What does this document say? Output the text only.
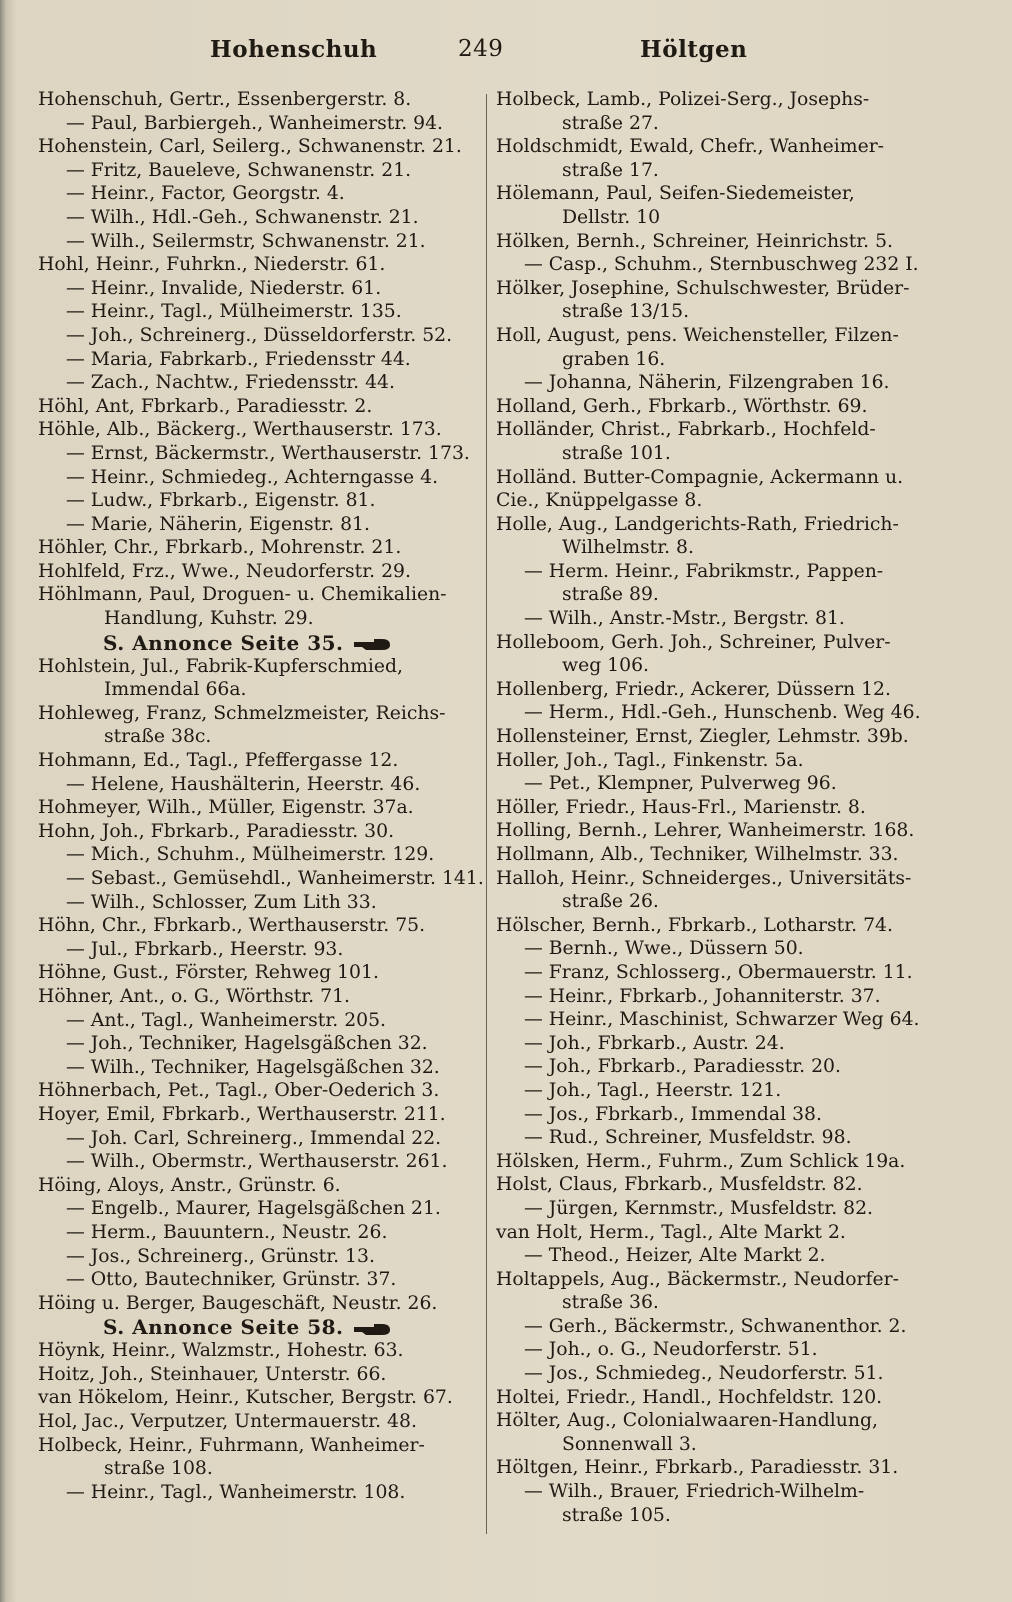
Hohenschuh	249	Höltgen
Hohenschuh, Gertr., Essenbergerstr. 8.
— Paul, Barbiergeh., Wanheimerstr. 94.
Hohenstein, Carl, Seilerg., Schwanenstr. 21.
— Fritz, Baueleve, Schwanenstr. 21.
— Heinr., Factor, Georgstr. 4.
— Wilh., Hdl.-Geh., Schwanenstr. 21.
— Wilh., Seilermstr, Schwanenstr. 21.
Hohl, Heinr., Fuhrkn., Niederstr. 61.
— Heinr., Invalide, Niederstr. 61.
— Heinr., Tagl., Mülheimerstr. 135.
— Joh., Schreinerg., Düsseldorferstr. 52.
— Maria, Fabrkarb., Friedensstr 44.
— Zach., Nachtw., Friedensstr. 44.
Höhl, Ant, Fbrkarb., Paradiesstr. 2.
Höhle, Alb., Bäckerg., Werthauserstr. 173.
— Ernst, Bäckermstr., Werthauserstr. 173.
— Heinr., Schmiedeg., Achterngasse 4.
— Ludw., Fbrkarb., Eigenstr. 81.
— Marie, Näherin, Eigenstr. 81.
Höhler, Chr., Fbrkarb., Mohrenstr. 21.
Hohlfeld, Frz., Wwe., Neudorferstr. 29.
Höhlmann, Paul, Droguen- u. Chemikalien-
Handlung, Kuhstr. 29.
S. Annonce Seite 35.
Hohlstein, Jul., Fabrik-Kupferschmied,
Immendal 66a.
Hohleweg, Franz, Schmelzmeister, Reichs-
straße 38c.
Hohmann, Ed., Tagl., Pfeffergasse 12.
— Helene, Haushälterin, Heerstr. 46.
Hohmeyer, Wilh., Müller, Eigenstr. 37a.
Hohn, Joh., Fbrkarb., Paradiesstr. 30.
— Mich., Schuhm., Mülheimerstr. 129.
— Sebast., Gemüsehdl., Wanheimerstr. 141.
— Wilh., Schlosser, Zum Lith 33.
Höhn, Chr., Fbrkarb., Werthauserstr. 75.
— Jul., Fbrkarb., Heerstr. 93.
Höhne, Gust., Förster, Rehweg 101.
Höhner, Ant., o. G., Wörthstr. 71.
— Ant., Tagl., Wanheimerstr. 205.
— Joh., Techniker, Hagelsgäßchen 32.
— Wilh., Techniker, Hagelsgäßchen 32.
Höhnerbach, Pet., Tagl., Ober-Oederich 3.
Hoyer, Emil, Fbrkarb., Werthauserstr. 211.
— Joh. Carl, Schreinerg., Immendal 22.
— Wilh., Obermstr., Werthauserstr. 261.
Höing, Aloys, Anstr., Grünstr. 6.
— Engelb., Maurer, Hagelsgäßchen 21.
— Herm., Bauuntern., Neustr. 26.
— Jos., Schreinerg., Grünstr. 13.
— Otto, Bautechniker, Grünstr. 37.
Höing u. Berger, Baugeschäft, Neustr. 26.
S. Annonce Seite 58.
Höynk, Heinr., Walzmstr., Hohestr. 63.
Hoitz, Joh., Steinhauer, Unterstr. 66.
van Hökelom, Heinr., Kutscher, Bergstr. 67.
Hol, Jac., Verputzer, Untermauerstr. 48.
Holbeck, Heinr., Fuhrmann, Wanheimer-
straße 108.
— Heinr., Tagl., Wanheimerstr. 108.
Holbeck, Lamb., Polizei-Serg., Josephs-
straße 27.
Holdschmidt, Ewald, Chefr., Wanheimer-
straße 17.
Hölemann, Paul, Seifen-Siedemeister,
Dellstr. 10
Hölken, Bernh., Schreiner, Heinrichstr. 5.
— Casp., Schuhm., Sternbuschweg 232 I.
Hölker, Josephine, Schulschwester, Brüder-
straße 13/15.
Holl, August, pens. Weichensteller, Filzen-
graben 16.
— Johanna, Näherin, Filzengraben 16.
Holland, Gerh., Fbrkarb., Wörthstr. 69.
Holländer, Christ., Fabrkarb., Hochfeld-
straße 101.
Holländ. Butter-Compagnie, Ackermann u.
Cie., Knüppelgasse 8.
Holle, Aug., Landgerichts-Rath, Friedrich-
Wilhelmstr. 8.
— Herm. Heinr., Fabrikmstr., Pappen-
straße 89.
— Wilh., Anstr.-Mstr., Bergstr. 81.
Holleboom, Gerh. Joh., Schreiner, Pulver-
weg 106.
Hollenberg, Friedr., Ackerer, Düssern 12.
— Herm., Hdl.-Geh., Hunschenb. Weg 46.
Hollensteiner, Ernst, Ziegler, Lehmstr. 39b.
Holler, Joh., Tagl., Finkenstr. 5a.
— Pet., Klempner, Pulverweg 96.
Höller, Friedr., Haus-Frl., Marienstr. 8.
Holling, Bernh., Lehrer, Wanheimerstr. 168.
Hollmann, Alb., Techniker, Wilhelmstr. 33.
Halloh, Heinr., Schneiderges., Universitäts-
straße 26.
Hölscher, Bernh., Fbrkarb., Lotharstr. 74.
— Bernh., Wwe., Düssern 50.
— Franz, Schlosserg., Obermauerstr. 11.
— Heinr., Fbrkarb., Johanniterstr. 37.
— Heinr., Maschinist, Schwarzer Weg 64.
— Joh., Fbrkarb., Austr. 24.
— Joh., Fbrkarb., Paradiesstr. 20.
— Joh., Tagl., Heerstr. 121.
— Jos., Fbrkarb., Immendal 38.
— Rud., Schreiner, Musfeldstr. 98.
Hölsken, Herm., Fuhrm., Zum Schlick 19a.
Holst, Claus, Fbrkarb., Musfeldstr. 82.
— Jürgen, Kernmstr., Musfeldstr. 82.
van Holt, Herm., Tagl., Alte Markt 2.
— Theod., Heizer, Alte Markt 2.
Holtappels, Aug., Bäckermstr., Neudorfer-
straße 36.
— Gerh., Bäckermstr., Schwanenthor. 2.
— Joh., o. G., Neudorferstr. 51.
— Jos., Schmiedeg., Neudorferstr. 51.
Holtei, Friedr., Handl., Hochfeldstr. 120.
Hölter, Aug., Colonialwaaren-Handlung,
Sonnenwall 3.
Höltgen, Heinr., Fbrkarb., Paradiesstr. 31.
— Wilh., Brauer, Friedrich-Wilhelm-
straße 105.
